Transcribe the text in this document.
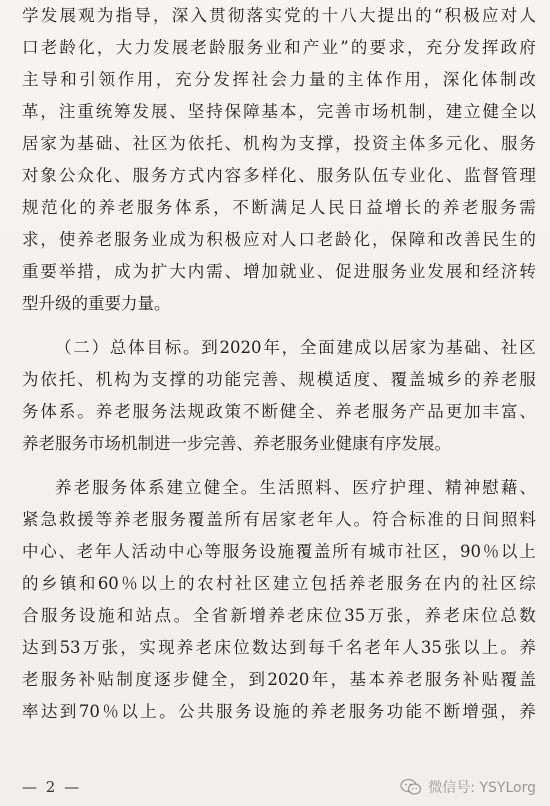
学 发 展 观 为 指 导 ， 深 入 贯 彻 落 实 党 的 十 八 大 提 出 的 “ 积 极 应 对 人
口 老 龄 化 ， 大 力 发 展 老 龄 服 务 业 和 产 业 ” 的 要 求 ， 充 分 发 挥 政 府
主 导 和 引 领 作 用 ， 充 分 发 挥 社 会 力 量 的 主 体 作 用 ， 深 化 体 制 改
革 ， 注 重 统 筹 发 展 、 坚 持 保 障 基 本 ， 完 善 市 场 机 制 ， 建 立 健 全 以
居 家 为 基 础 、 社 区 为 依 托 、 机 构 为 支 撑 ， 投 资 主 体 多 元 化 、 服 务
对 象 公 众 化 、 服 务 方 式 内 容 多 样 化 、 服 务 队 伍 专 业 化 、 监 督 管 理
规 范 化 的 养 老 服 务 体 系 ， 不 断 满 足 人 民 日 益 增 长 的 养 老 服 务 需
求 ， 使 养 老 服 务 业 成 为 积 极 应 对 人 口 老 龄 化 ， 保 障 和 改 善 民 生 的
重 要 举 措 ， 成 为 扩 大 内 需 、 增 加 就 业 、 促 进 服 务 业 发 展 和 经 济 转
型升级的重要力量。
（ 二 ） 总 体 目 标 。 到 2020 年 ， 全 面 建 成 以 居 家 为 基 础 、 社 区
为 依 托 、 机 构 为 支 撑 的 功 能 完 善 、 规 模 适 度 、 覆 盖 城 乡 的 养 老 服
务 体 系 。 养 老 服 务 法 规 政 策 不 断 健 全 、 养 老 服 务 产 品 更 加 丰 富 、
养老服务市场机制进一步完善、养老服务业健康有序发展。
养 老 服 务 体 系 建 立 健 全 。 生 活 照 料 、 医 疗 护 理 、 精 神 慰 藉 、
紧 急 救 援 等 养 老 服 务 覆 盖 所 有 居 家 老 年 人 。 符 合 标 准 的 日 间 照 料
中 心 、 老 年 人 活 动 中 心 等 服 务 设 施 覆 盖 所 有 城 市 社 区 ， 90 ％ 以 上
的 乡 镇 和 60 ％ 以 上 的 农 村 社 区 建 立 包 括 养 老 服 务 在 内 的 社 区 综
合 服 务 设 施 和 站 点 。 全 省 新 增 养 老 床 位 35 万 张 ， 养 老 床 位 总 数
达 到 53 万 张 ， 实 现 养 老 床 位 数 达 到 每 千 名 老 年 人 35 张 以 上 。 养
老 服 务 补 贴 制 度 逐 步 健 全 ， 到 2020 年 ， 基 本 养 老 服 务 补 贴 覆 盖
率 达 到 70 ％ 以 上 。 公 共 服 务 设 施 的 养 老 服 务 功 能 不 断 增 强 ， 养
— 2 —	微信号: YSYLorg
